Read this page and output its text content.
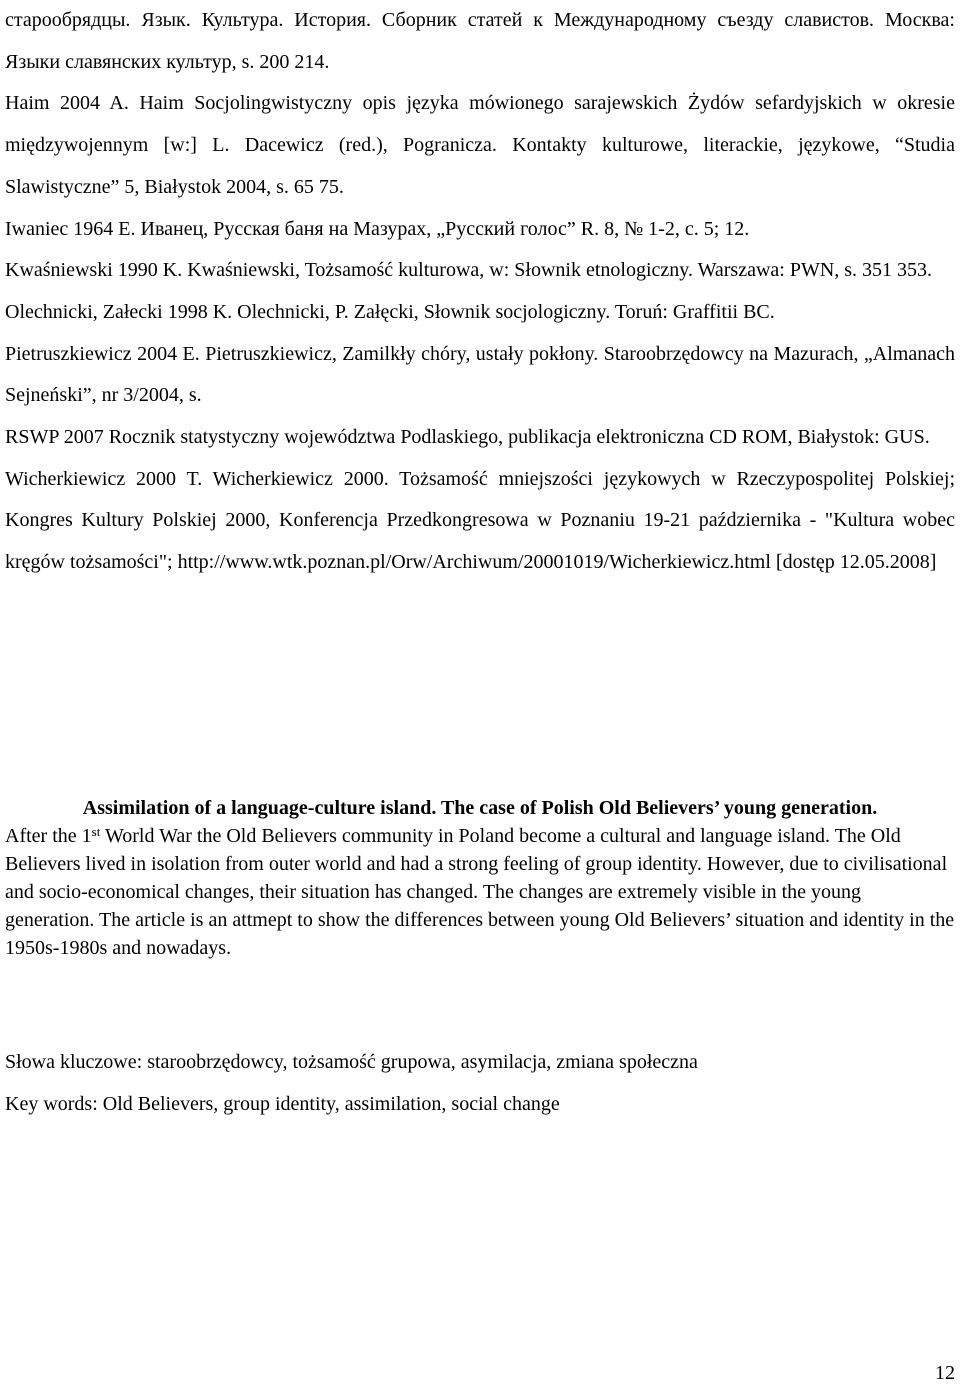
старообрядцы. Язык. Культура. История. Сборник статей к Международному съезду славистов. Москва: Языки славянских культур, s. 200 214.

Haim 2004 A. Haim Socjolingwistyczny opis języka mówionego sarajewskich Żydów sefardyjskich w okresie międzywojennym [w:] L. Dacewicz (red.), Pogranicza. Kontakty kulturowe, literackie, językowe, “Studia Slawistyczne” 5, Białystok 2004, s. 65 75.

Iwaniec 1964 E. Иванец, Русская баня на Мазурах, „Русский голос” R. 8, № 1-2, c. 5; 12.

Kwaśniewski 1990 K. Kwaśniewski, Tożsamość kulturowa, w: Słownik etnologiczny. Warszawa: PWN, s. 351 353.

Olechnicki, Załecki 1998 K. Olechnicki, P. Załęcki, Słownik socjologiczny. Toruń: Graffitii BC.

Pietruszkiewicz 2004 E. Pietruszkiewicz, Zamilkły chóry, ustały pokłony. Staroobrzędowcy na Mazurach, „Almanach Sejneński”, nr 3/2004, s.

RSWP 2007 Rocznik statystyczny województwa Podlaskiego, publikacja elektroniczna CD ROM, Białystok: GUS.

Wicherkiewicz 2000 T. Wicherkiewicz 2000. Tożsamość mniejszości językowych w Rzeczypospolitej Polskiej; Kongres Kultury Polskiej 2000, Konferencja Przedkongresowa w Poznaniu 19-21 października - "Kultura wobec kręgów tożsamości"; http://www.wtk.poznan.pl/Orw/Archiwum/20001019/Wicherkiewicz.html [dostęp 12.05.2008]

Assimilation of a language-culture island. The case of Polish Old Believers’ young generation.

After the 1st World War the Old Believers community in Poland become a cultural and language island. The Old Believers lived in isolation from outer world and had a strong feeling of group identity. However, due to civilisational and socio-economical changes, their situation has changed. The changes are extremely visible in the young generation. The article is an attmept to show the differences between young Old Believers’ situation and identity in the 1950s-1980s and nowadays.

Słowa kluczowe: staroobrzędowcy, tożsamość grupowa, asymilacja, zmiana społeczna

Key words: Old Believers, group identity, assimilation, social change

12
